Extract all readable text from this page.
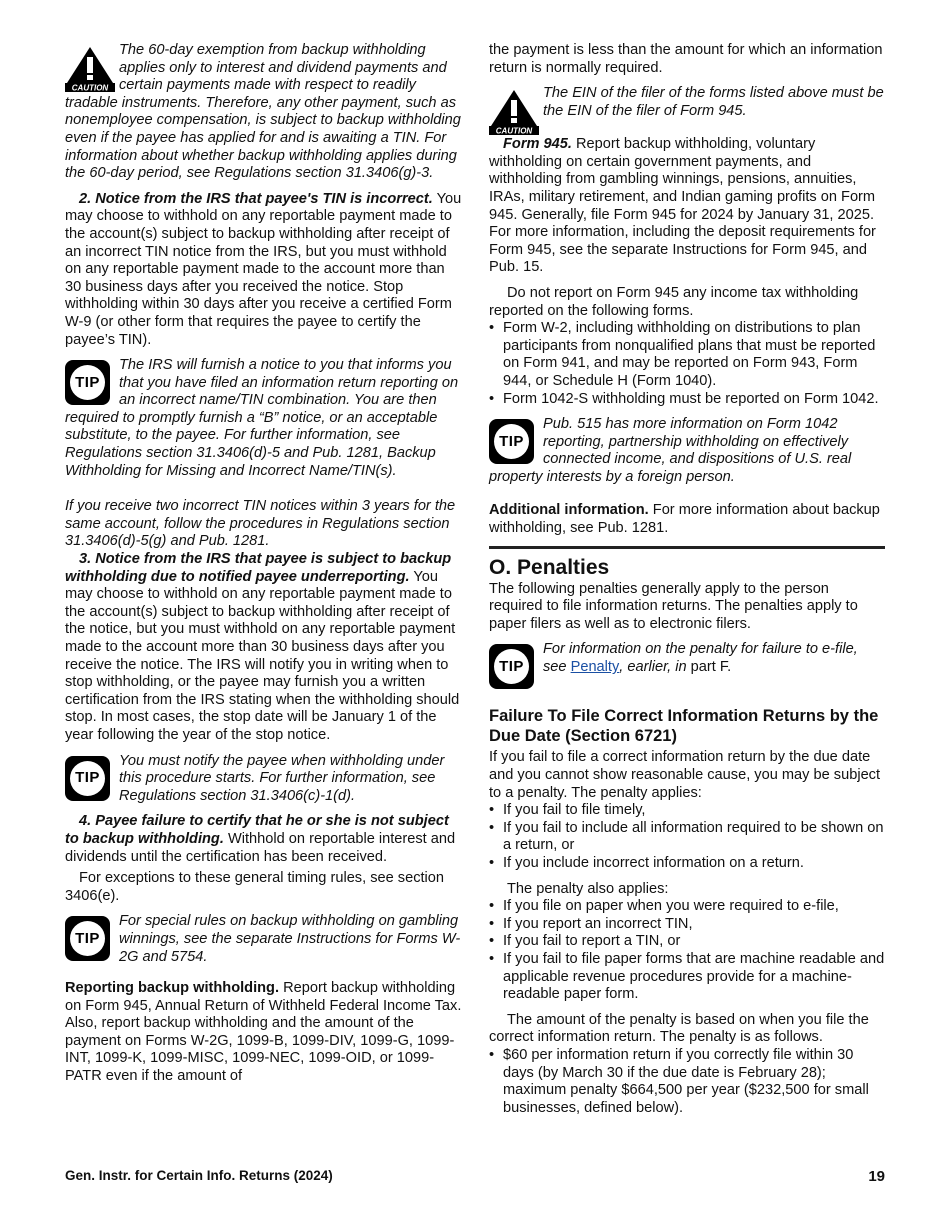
CAUTION
The 60-day exemption from backup withholding applies only to interest and dividend payments and certain payments made with respect to readily tradable instruments. Therefore, any other payment, such as nonemployee compensation, is subject to backup withholding even if the payee has applied for and is awaiting a TIN. For information about whether backup withholding applies during the 60-day period, see Regulations section 31.3406(g)-3.

2. Notice from the IRS that payee's TIN is incorrect. You may choose to withhold on any reportable payment made to the account(s) subject to backup withholding after receipt of an incorrect TIN notice from the IRS, but you must withhold on any reportable payment made to the account more than 30 business days after you received the notice. Stop withholding within 30 days after you receive a certified Form W-9 (or other form that requires the payee to certify the payee’s TIN).

TIP
The IRS will furnish a notice to you that informs you that you have filed an information return reporting on an incorrect name/TIN combination. You are then required to promptly furnish a “B” notice, or an acceptable substitute, to the payee. For further information, see Regulations section 31.3406(d)-5 and Pub. 1281, Backup Withholding for Missing and Incorrect Name/TIN(s).

If you receive two incorrect TIN notices within 3 years for the same account, follow the procedures in Regulations section 31.3406(d)-5(g) and Pub. 1281.

3. Notice from the IRS that payee is subject to backup withholding due to notified payee underreporting. You may choose to withhold on any reportable payment made to the account(s) subject to backup withholding after receipt of the notice, but you must withhold on any reportable payment made to the account more than 30 business days after you receive the notice. The IRS will notify you in writing when to stop withholding, or the payee may furnish you a written certification from the IRS stating when the withholding should stop. In most cases, the stop date will be January 1 of the year following the year of the stop notice.

TIP
You must notify the payee when withholding under this procedure starts. For further information, see Regulations section 31.3406(c)-1(d).

4. Payee failure to certify that he or she is not subject to backup withholding. Withhold on reportable interest and dividends until the certification has been received.

For exceptions to these general timing rules, see section 3406(e).

TIP
For special rules on backup withholding on gambling winnings, see the separate Instructions for Forms W-2G and 5754.

Reporting backup withholding. Report backup withholding on Form 945, Annual Return of Withheld Federal Income Tax. Also, report backup withholding and the amount of the payment on Forms W-2G, 1099-B, 1099-DIV, 1099-G, 1099-INT, 1099-K, 1099-MISC, 1099-NEC, 1099-OID, or 1099-PATR even if the amount of

the payment is less than the amount for which an information return is normally required.

CAUTION
The EIN of the filer of the forms listed above must be the EIN of the filer of Form 945.

Form 945. Report backup withholding, voluntary withholding on certain government payments, and withholding from gambling winnings, pensions, annuities, IRAs, military retirement, and Indian gaming profits on Form 945. Generally, file Form 945 for 2024 by January 31, 2025. For more information, including the deposit requirements for Form 945, see the separate Instructions for Form 945, and Pub. 15.

Do not report on Form 945 any income tax withholding reported on the following forms.

• Form W-2, including withholding on distributions to plan participants from nonqualified plans that must be reported on Form 941, and may be reported on Form 943, Form 944, or Schedule H (Form 1040).
• Form 1042-S withholding must be reported on Form 1042.
TIP
Pub. 515 has more information on Form 1042 reporting, partnership withholding on effectively connected income, and dispositions of U.S. real property interests by a foreign person.

Additional information. For more information about backup withholding, see Pub. 1281.

O. Penalties

The following penalties generally apply to the person required to file information returns. The penalties apply to paper filers as well as to electronic filers.

TIP
For information on the penalty for failure to e-file, see Penalty, earlier, in part F.
Failure To File Correct Information Returns by the Due Date (Section 6721)

If you fail to file a correct information return by the due date and you cannot show reasonable cause, you may be subject to a penalty. The penalty applies:

• If you fail to file timely,
• If you fail to include all information required to be shown on a return, or
• If you include incorrect information on a return.

The penalty also applies:

• If you file on paper when you were required to e-file,
• If you report an incorrect TIN,
• If you fail to report a TIN, or
• If you fail to file paper forms that are machine readable and applicable revenue procedures provide for a machine-readable paper form.

The amount of the penalty is based on when you file the correct information return. The penalty is as follows.

• $60 per information return if you correctly file within 30 days (by March 30 if the due date is February 28); maximum penalty $664,500 per year ($232,500 for small businesses, defined below).
Gen. Instr. for Certain Info. Returns (2024)	19
